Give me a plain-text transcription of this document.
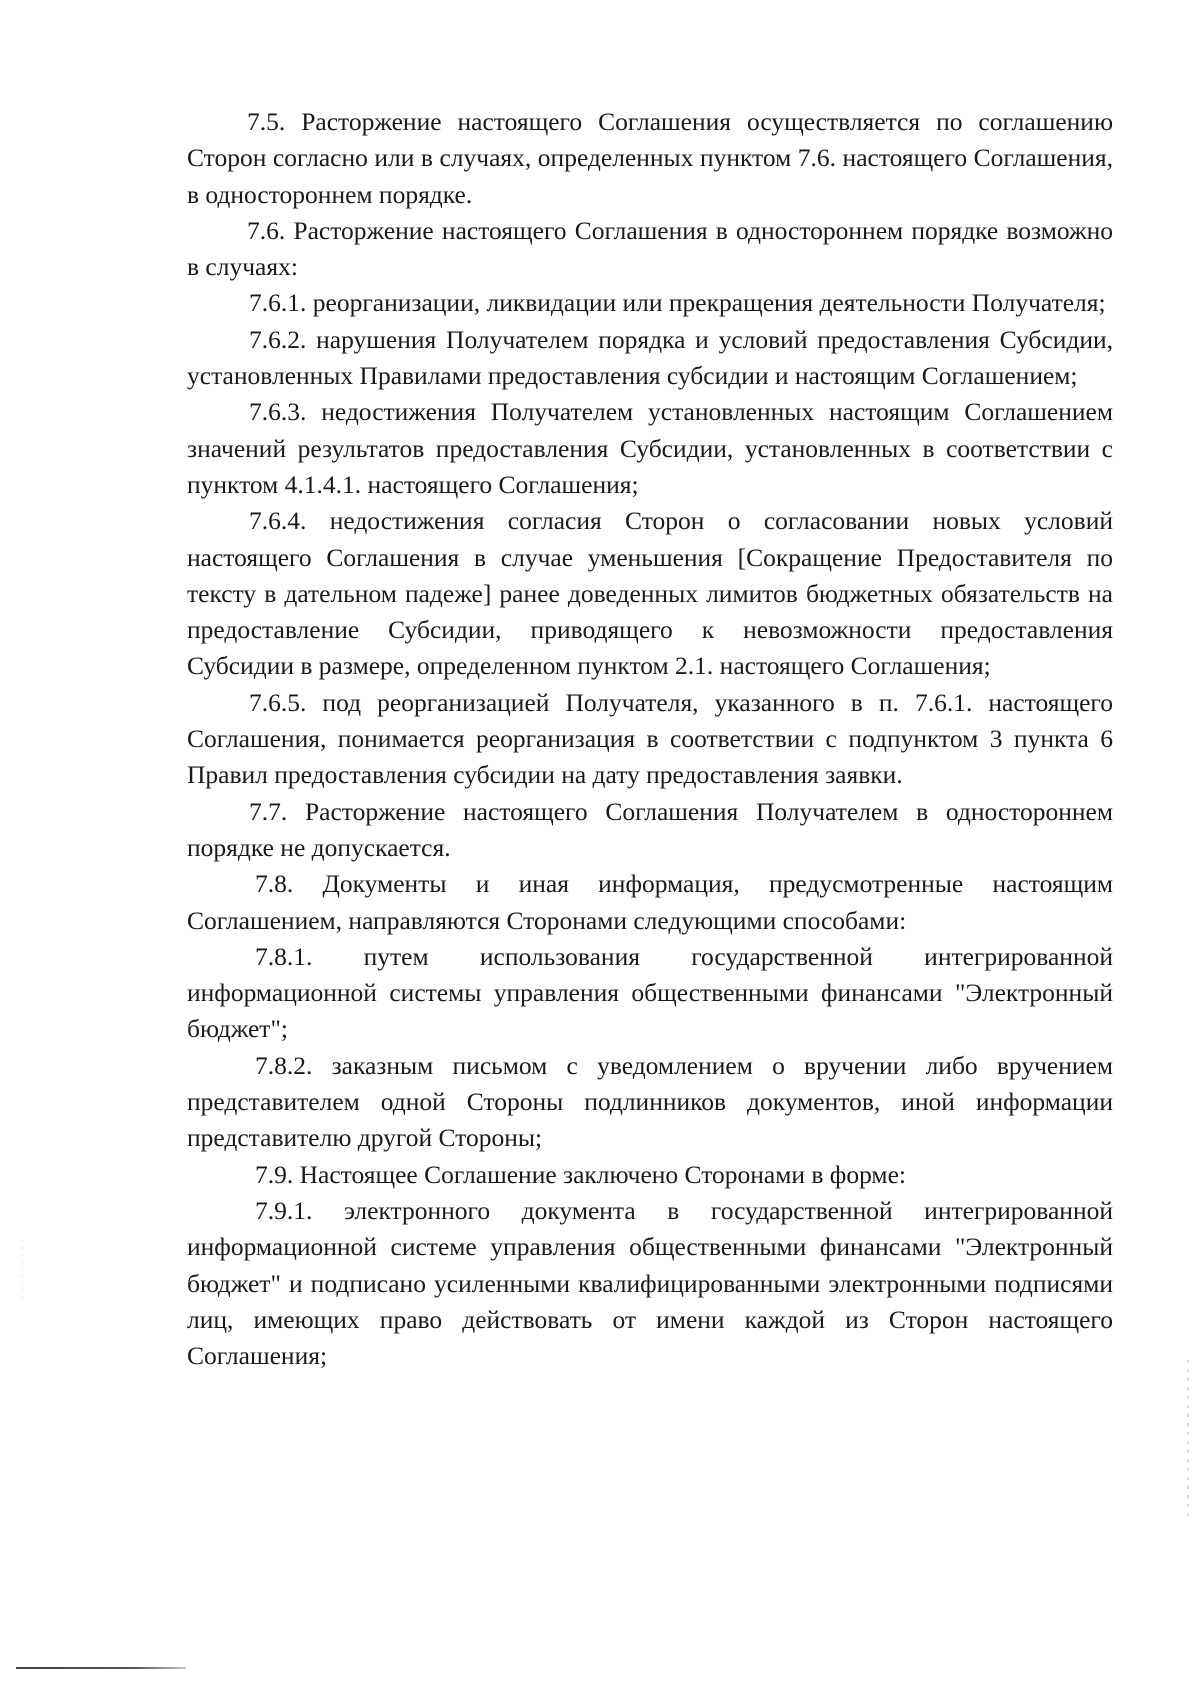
7.5. Расторжение настоящего Соглашения осуществляется по соглашению Сторон согласно или в случаях, определенных пунктом 7.6. настоящего Соглашения, в одностороннем порядке.

7.6. Расторжение настоящего Соглашения в одностороннем порядке возможно в случаях:

7.6.1. реорганизации, ликвидации или прекращения деятельности Получателя;

7.6.2. нарушения Получателем порядка и условий предоставления Субсидии, установленных Правилами предоставления субсидии и настоящим Соглашением;

7.6.3. недостижения Получателем установленных настоящим Соглашением значений результатов предоставления Субсидии, установленных в соответствии с пунктом 4.1.4.1. настоящего Соглашения;

7.6.4. недостижения согласия Сторон о согласовании новых условий настоящего Соглашения в случае уменьшения [Сокращение Предоставителя по тексту в дательном падеже] ранее доведенных лимитов бюджетных обязательств на предоставление Субсидии, приводящего к невозможности предоставления Субсидии в размере, определенном пунктом 2.1. настоящего Соглашения;

7.6.5. под реорганизацией Получателя, указанного в п. 7.6.1. настоящего Соглашения, понимается реорганизация в соответствии с подпунктом 3 пункта 6 Правил предоставления субсидии на дату предоставления заявки.

7.7. Расторжение настоящего Соглашения Получателем в одностороннем порядке не допускается.

7.8. Документы и иная информация, предусмотренные настоящим Соглашением, направляются Сторонами следующими способами:

7.8.1. путем использования государственной интегрированной информационной системы управления общественными финансами "Электронный бюджет";

7.8.2. заказным письмом с уведомлением о вручении либо вручением представителем одной Стороны подлинников документов, иной информации представителю другой Стороны;

7.9. Настоящее Соглашение заключено Сторонами в форме:

7.9.1. электронного документа в государственной интегрированной информационной системе управления общественными финансами "Электронный бюджет" и подписано усиленными квалифицированными электронными подписями лиц, имеющих право действовать от имени каждой из Сторон настоящего Соглашения;
